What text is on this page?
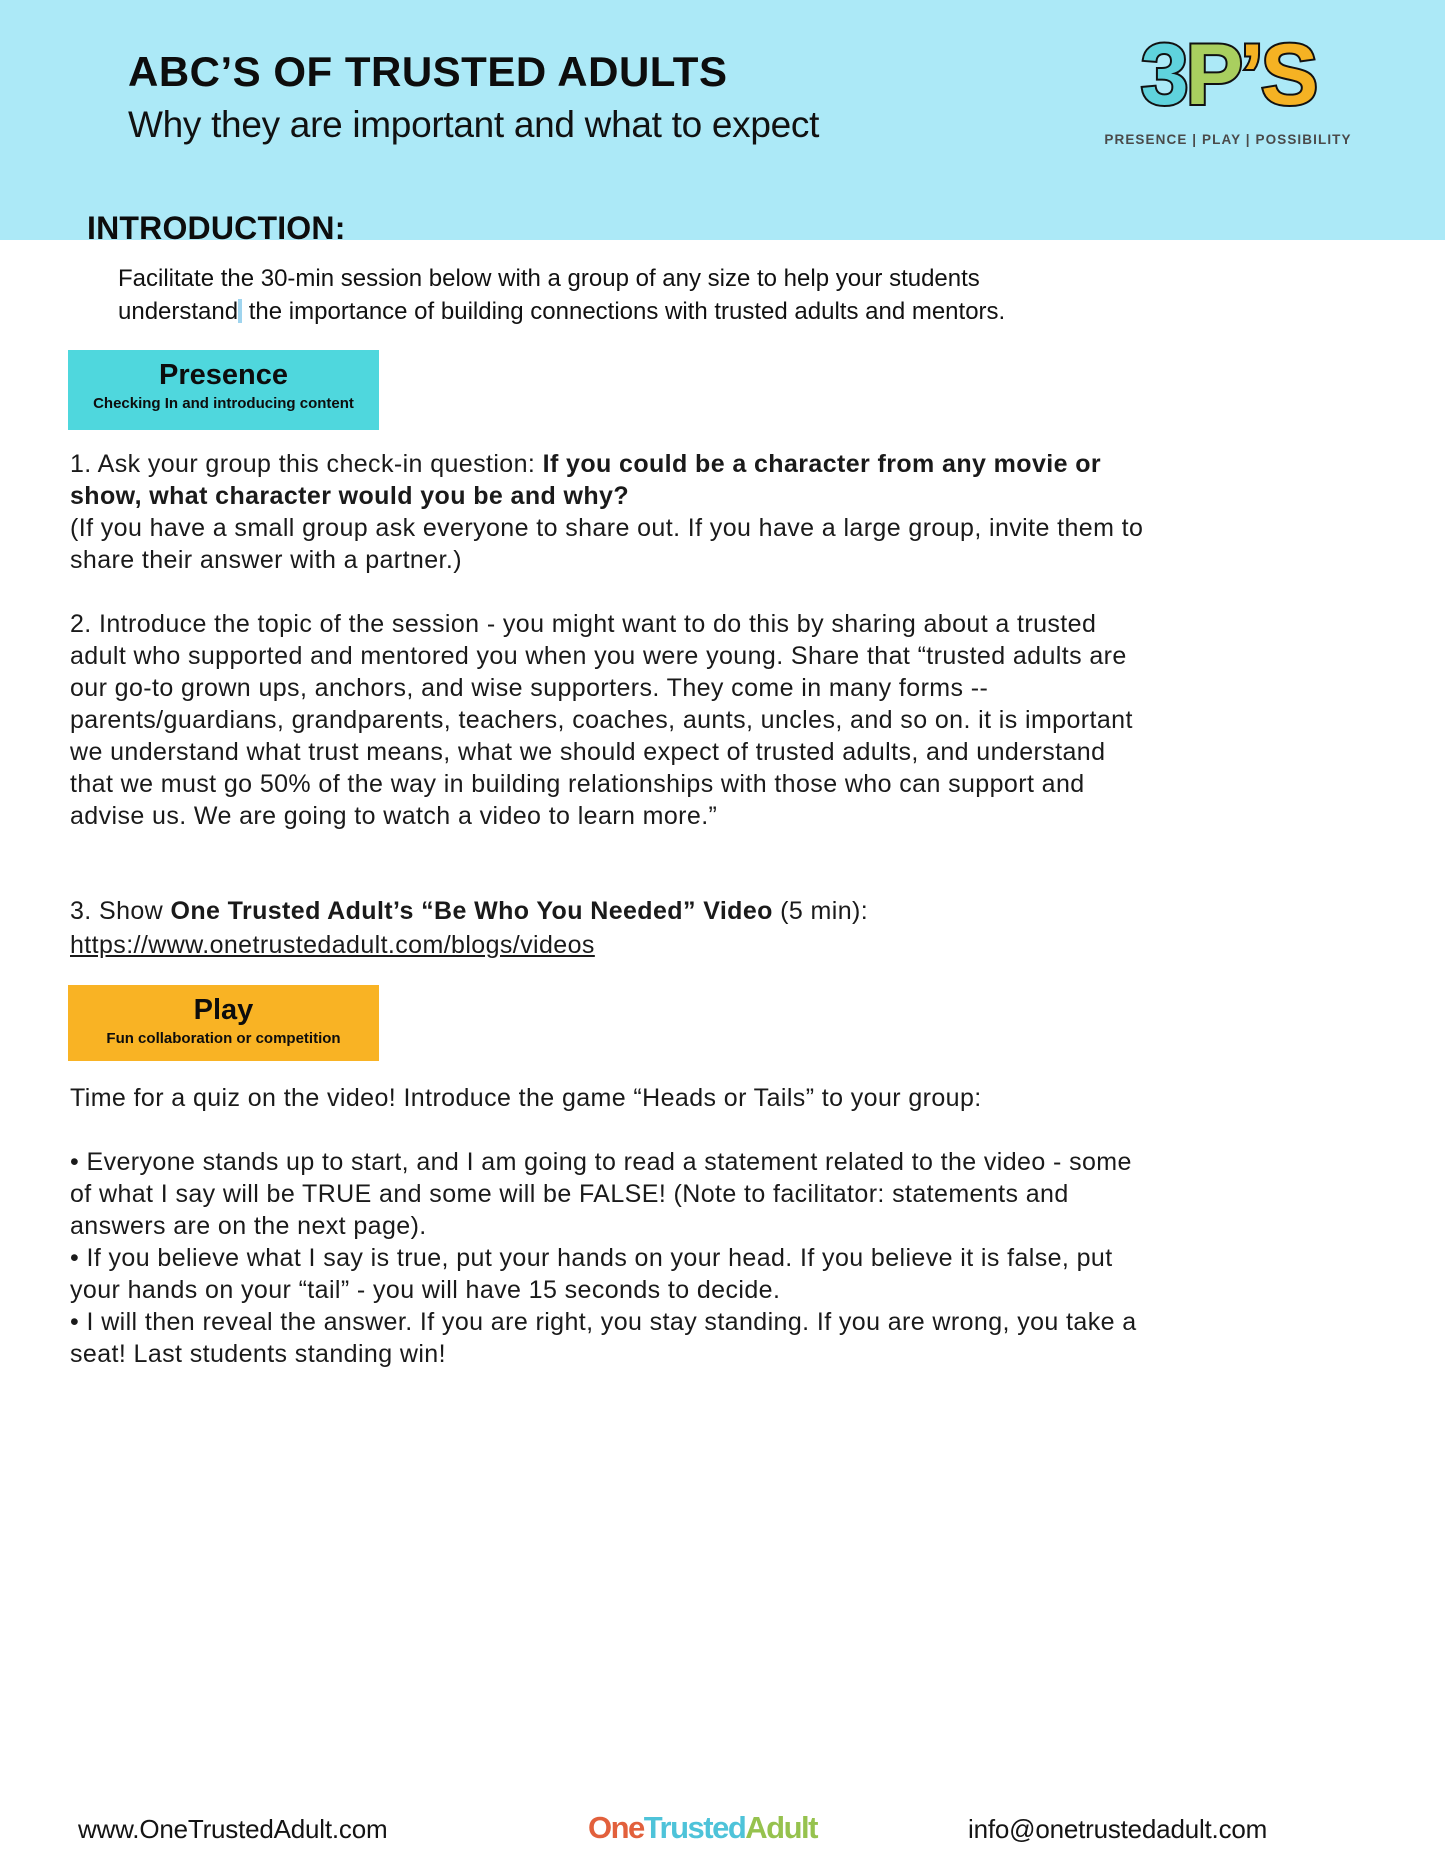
ABC’S OF TRUSTED ADULTS
Why they are important and what to expect
3P’S
PRESENCE | PLAY | POSSIBILITY
INTRODUCTION:
Facilitate the 30-min session below with a group of any size to help your students understand the importance of building connections with trusted adults and mentors.
Presence
Checking In and introducing content
1. Ask your group this check-in question: If you could be a character from any movie or show, what character would you be and why?
(If you have a small group ask everyone to share out. If you have a large group, invite them to share their answer with a partner.)
2. Introduce the topic of the session - you might want to do this by sharing about a trusted adult who supported and mentored you when you were young. Share that “trusted adults are our go-to grown ups, anchors, and wise supporters. They come in many forms -- parents/guardians, grandparents, teachers, coaches, aunts, uncles, and so on. it is important we understand what trust means, what we should expect of trusted adults, and understand that we must go 50% of the way in building relationships with those who can support and advise us. We are going to watch a video to learn more.”
3. Show One Trusted Adult’s “Be Who You Needed” Video (5 min):
https://www.onetrustedadult.com/blogs/videos
Play
Fun collaboration or competition
Time for a quiz on the video! Introduce the game “Heads or Tails” to your group:
• Everyone stands up to start, and I am going to read a statement related to the video - some of what I say will be TRUE and some will be FALSE! (Note to facilitator: statements and answers are on the next page).
• If you believe what I say is true, put your hands on your head. If you believe it is false, put your hands on your “tail” - you will have 15 seconds to decide.
• I will then reveal the answer. If you are right, you stay standing. If you are wrong, you take a seat! Last students standing win!
www.OneTrustedAdult.com	OneTrustedAdult	info@onetrustedadult.com
